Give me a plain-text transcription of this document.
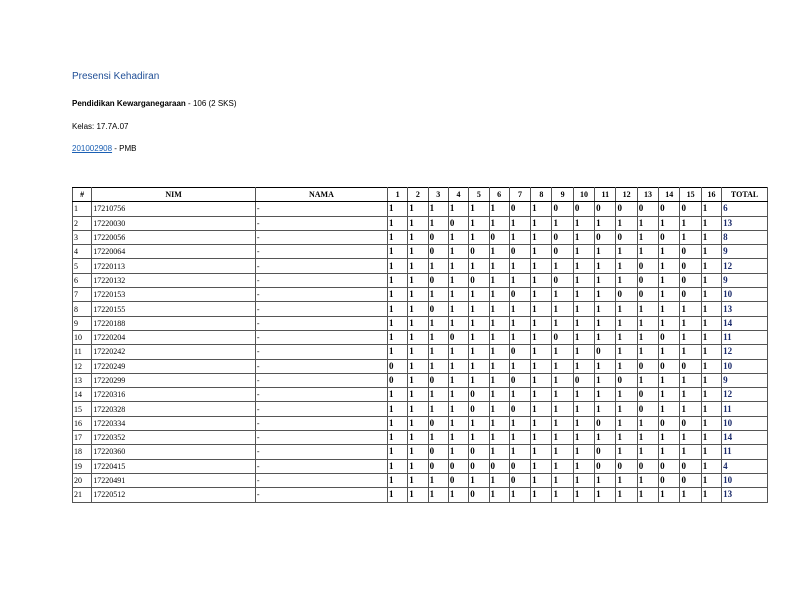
Presensi Kehadiran
Pendidikan Kewarganegaraan - 106 (2 SKS)
Kelas: 17.7A.07
201002908 - PMB
#	NIM	NAMA	1	2	3	4	5	6	7	8	9	10	11	12	13	14	15	16	TOTAL
1	17210756	-	1	1	1	1	1	1	0	1	0	0	0	0	0	0	0	1	6
2	17220030	-	1	1	1	0	1	1	1	1	1	1	1	1	1	1	1	1	13
3	17220056	-	1	1	0	1	1	0	1	1	0	1	0	0	1	0	1	1	8
4	17220064	-	1	1	0	1	0	1	0	1	0	1	1	1	1	1	0	1	9
5	17220113	-	1	1	1	1	1	1	1	1	1	1	1	1	0	1	0	1	12
6	17220132	-	1	1	0	1	0	1	1	1	0	1	1	1	0	1	0	1	9
7	17220153	-	1	1	1	1	1	1	0	1	1	1	1	0	0	1	0	1	10
8	17220155	-	1	1	0	1	1	1	1	1	1	1	1	1	1	1	1	1	13
9	17220188	-	1	1	1	1	1	1	1	1	1	1	1	1	1	1	1	1	14
10	17220204	-	1	1	1	0	1	1	1	1	0	1	1	1	1	0	1	1	11
11	17220242	-	1	1	1	1	1	1	0	1	1	1	0	1	1	1	1	1	12
12	17220249	-	0	1	1	1	1	1	1	1	1	1	1	1	0	0	0	1	10
13	17220299	-	0	1	0	1	1	1	0	1	1	0	1	0	1	1	1	1	9
14	17220316	-	1	1	1	1	0	1	1	1	1	1	1	1	0	1	1	1	12
15	17220328	-	1	1	1	1	0	1	0	1	1	1	1	1	0	1	1	1	11
16	17220334	-	1	1	0	1	1	1	1	1	1	1	0	1	1	0	0	1	10
17	17220352	-	1	1	1	1	1	1	1	1	1	1	1	1	1	1	1	1	14
18	17220360	-	1	1	0	1	0	1	1	1	1	1	0	1	1	1	1	1	11
19	17220415	-	1	1	0	0	0	0	0	1	1	1	0	0	0	0	0	1	4
20	17220491	-	1	1	1	0	1	1	0	1	1	1	1	1	1	0	0	1	10
21	17220512	-	1	1	1	1	0	1	1	1	1	1	1	1	1	1	1	1	13
